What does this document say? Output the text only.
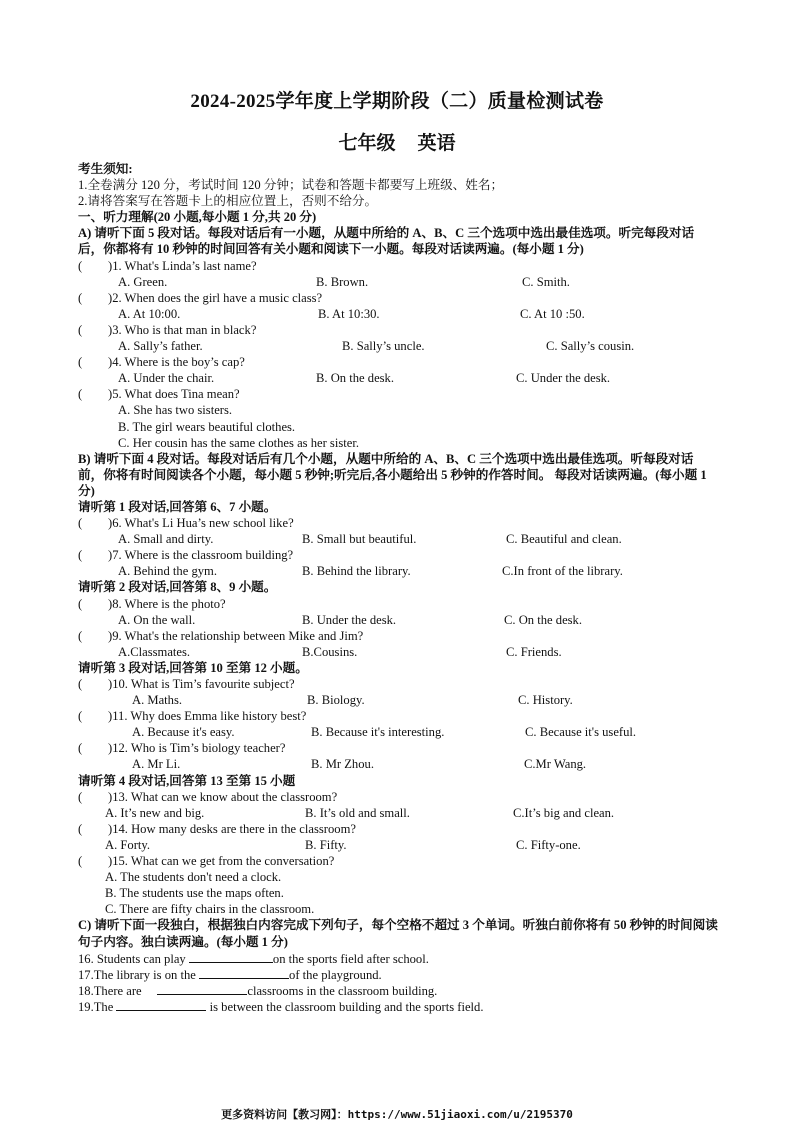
2024-2025学年度上学期阶段（二）质量检测试卷
七年级 英语
考生须知:
1.全卷满分 120 分，考试时间 120 分钟；试卷和答题卡都要写上班级、姓名；
2.请将答案写在答题卡上的相应位置上，否则不给分。
一、听力理解(20 小题,每小题 1 分,共 20 分)
A) 请听下面 5 段对话。每段对话后有一小题，从题中所给的 A、B、C 三个选项中选出最佳选项。听完每段对话后，你都将有 10 秒钟的时间回答有关小题和阅读下一小题。每段对话读两遍。(每小题 1 分)
( )1. What's Linda’s last name?
A. Green.	B. Brown.	C. Smith.
( )2. When does the girl have a music class?
A. At 10:00.	B. At 10:30.	C. At 10 :50.
( )3. Who is that man in black?
A. Sally’s father.	B. Sally’s uncle.	C. Sally’s cousin.
( )4. Where is the boy’s cap?
A. Under the chair.	B. On the desk.	C. Under the desk.
( )5. What does Tina mean?
A. She has two sisters.
B. The girl wears beautiful clothes.
C. Her cousin has the same clothes as her sister.
B) 请听下面 4 段对话。每段对话后有几个小题，从题中所给的 A、B、C 三个选项中选出最佳选项。听每段对话前，你将有时间阅读各个小题，每小题 5 秒钟;听完后,各小题给出 5 秒钟的作答时间。 每段对话读两遍。(每小题 1 分)
请听第 1 段对话,回答第 6、7 小题。
( )6. What's Li Hua’s new school like?
A. Small and dirty.	B. Small but beautiful.	C. Beautiful and clean.
( )7. Where is the classroom building?
A. Behind the gym.	B. Behind the library.	C.In front of the library.
请听第 2 段对话,回答第 8、9 小题。
( )8. Where is the photo?
A. On the wall.	B. Under the desk.	C. On the desk.
( )9. What's the relationship between Mike and Jim?
A.Classmates.	B.Cousins.	C. Friends.
请听第 3 段对话,回答第 10 至第 12 小题。
( )10. What is Tim’s favourite subject?
A. Maths.	B. Biology.	C. History.
( )11. Why does Emma like history best?
A. Because it's easy.	B. Because it's interesting.	C. Because it's useful.
( )12. Who is Tim’s biology teacher?
A. Mr Li.	B. Mr Zhou.	C.Mr Wang.
请听第 4 段对话,回答第 13 至第 15 小题
( )13. What can we know about the classroom?
A. It’s new and big.	B. It’s old and small.	C.It’s big and clean.
( )14. How many desks are there in the classroom?
A. Forty.	B. Fifty.	C. Fifty-one.
( )15. What can we get from the conversation?
A. The students don't need a clock.
B. The students use the maps often.
C. There are fifty chairs in the classroom.
C) 请听下面一段独白，根据独白内容完成下列句子，每个空格不超过 3 个单词。听独白前你将有 50 秒钟的时间阅读句子内容。独白读两遍。(每小题 1 分)
16. Students can play	on the sports field after school.
17.The library is on the	of the playground.
18.There are	classrooms in the classroom building.
19.The	is between the classroom building and the sports field.
更多资料访问【教习网】：https://www.51jiaoxi.com/u/2195370
